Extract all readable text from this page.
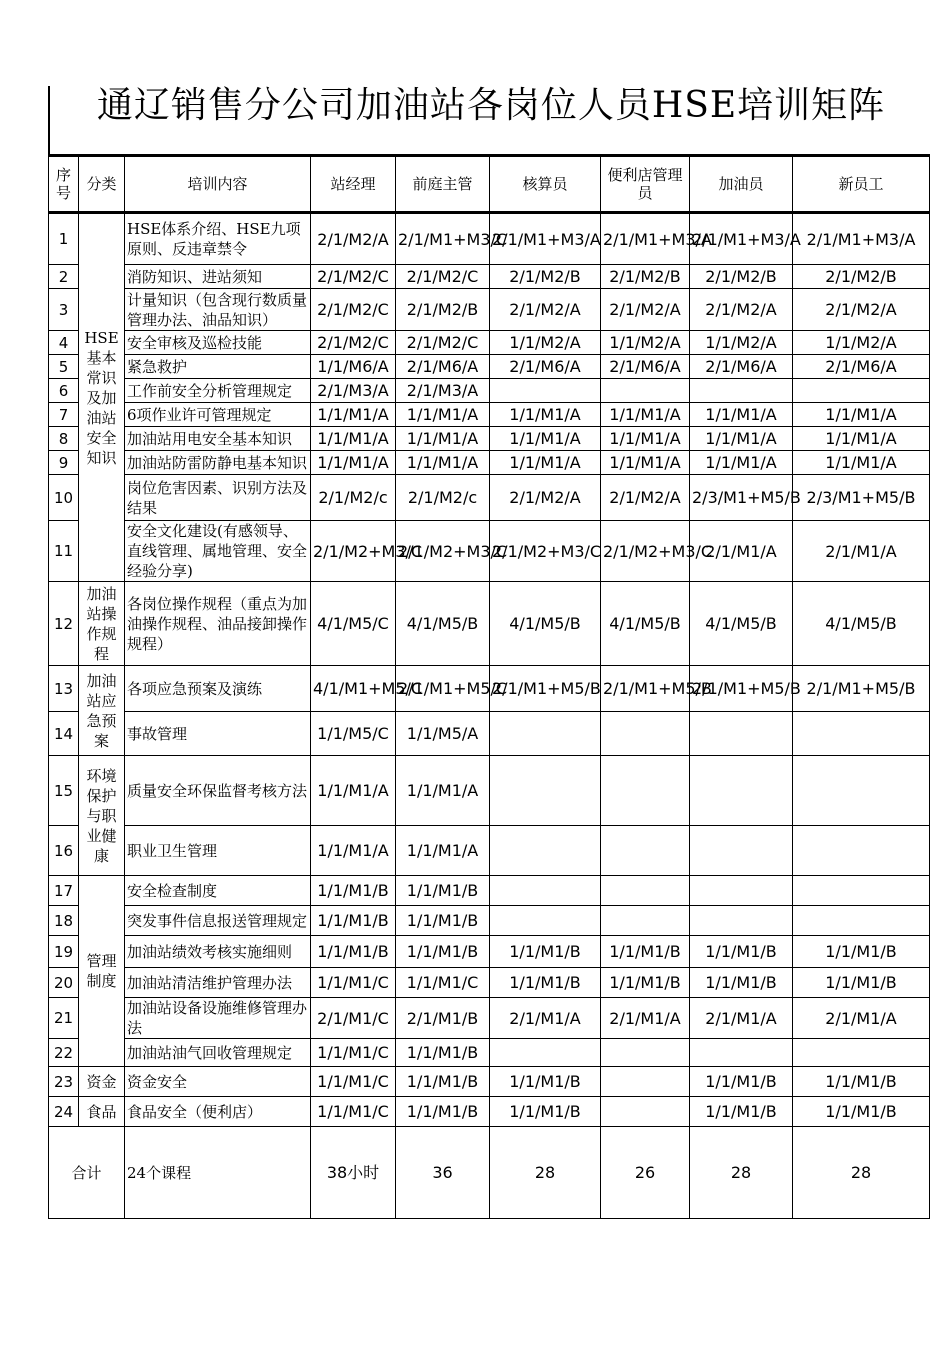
通辽销售分公司加油站各岗位人员HSE培训矩阵
序号	分类	培训内容	站经理	前庭主管	核算员	便利店管理员	加油员	新员工
1	HSE基本常识及加油站安全知识	HSE体系介绍、HSE九项原则、反违章禁令	2/1/M2/A	2/1/M1+M3/C	2/1/M1+M3/A	2/1/M1+M3/A	2/1/M1+M3/A	2/1/M1+M3/A
2		消防知识、进站须知	2/1/M2/C	2/1/M2/C	2/1/M2/B	2/1/M2/B	2/1/M2/B	2/1/M2/B
3		计量知识（包含现行数质量管理办法、油品知识）	2/1/M2/C	2/1/M2/B	2/1/M2/A	2/1/M2/A	2/1/M2/A	2/1/M2/A
4		安全审核及巡检技能	2/1/M2/C	2/1/M2/C	1/1/M2/A	1/1/M2/A	1/1/M2/A	1/1/M2/A
5		紧急救护	1/1/M6/A	2/1/M6/A	2/1/M6/A	2/1/M6/A	2/1/M6/A	2/1/M6/A
6		工作前安全分析管理规定	2/1/M3/A	2/1/M3/A				
7		6项作业许可管理规定	1/1/M1/A	1/1/M1/A	1/1/M1/A	1/1/M1/A	1/1/M1/A	1/1/M1/A
8		加油站用电安全基本知识	1/1/M1/A	1/1/M1/A	1/1/M1/A	1/1/M1/A	1/1/M1/A	1/1/M1/A
9		加油站防雷防静电基本知识	1/1/M1/A	1/1/M1/A	1/1/M1/A	1/1/M1/A	1/1/M1/A	1/1/M1/A
10		岗位危害因素、识别方法及结果	2/1/M2/c	2/1/M2/c	2/1/M2/A	2/1/M2/A	2/3/M1+M5/B	2/3/M1+M5/B
11		安全文化建设(有感领导、直线管理、属地管理、安全经验分享)	2/1/M2+M3/C	2/1/M2+M3/C	2/1/M2+M3/C	2/1/M2+M3/C	2/1/M1/A	2/1/M1/A
12	加油站操作规程	各岗位操作规程（重点为加油操作规程、油品接卸操作规程）	4/1/M5/C	4/1/M5/B	4/1/M5/B	4/1/M5/B	4/1/M5/B	4/1/M5/B
13	加油站应急预案	各项应急预案及演练	4/1/M1+M5/C	2/1/M1+M5/C	2/1/M1+M5/B	2/1/M1+M5/B	2/1/M1+M5/B	2/1/M1+M5/B
14		事故管理	1/1/M5/C	1/1/M5/A				
15	环境保护与职业健康	质量安全环保监督考核方法	1/1/M1/A	1/1/M1/A				
16		职业卫生管理	1/1/M1/A	1/1/M1/A				
17	管理制度	安全检查制度	1/1/M1/B	1/1/M1/B				
18		突发事件信息报送管理规定	1/1/M1/B	1/1/M1/B				
19		加油站绩效考核实施细则	1/1/M1/B	1/1/M1/B	1/1/M1/B	1/1/M1/B	1/1/M1/B	1/1/M1/B
20		加油站清洁维护管理办法	1/1/M1/C	1/1/M1/C	1/1/M1/B	1/1/M1/B	1/1/M1/B	1/1/M1/B
21		加油站设备设施维修管理办法	2/1/M1/C	2/1/M1/B	2/1/M1/A	2/1/M1/A	2/1/M1/A	2/1/M1/A
22		加油站油气回收管理规定	1/1/M1/C	1/1/M1/B				
23	资金	资金安全	1/1/M1/C	1/1/M1/B	1/1/M1/B		1/1/M1/B	1/1/M1/B
24	食品	食品安全（便利店）	1/1/M1/C	1/1/M1/B	1/1/M1/B		1/1/M1/B	1/1/M1/B
合计		24个课程	38小时	36	28	26	28	28
